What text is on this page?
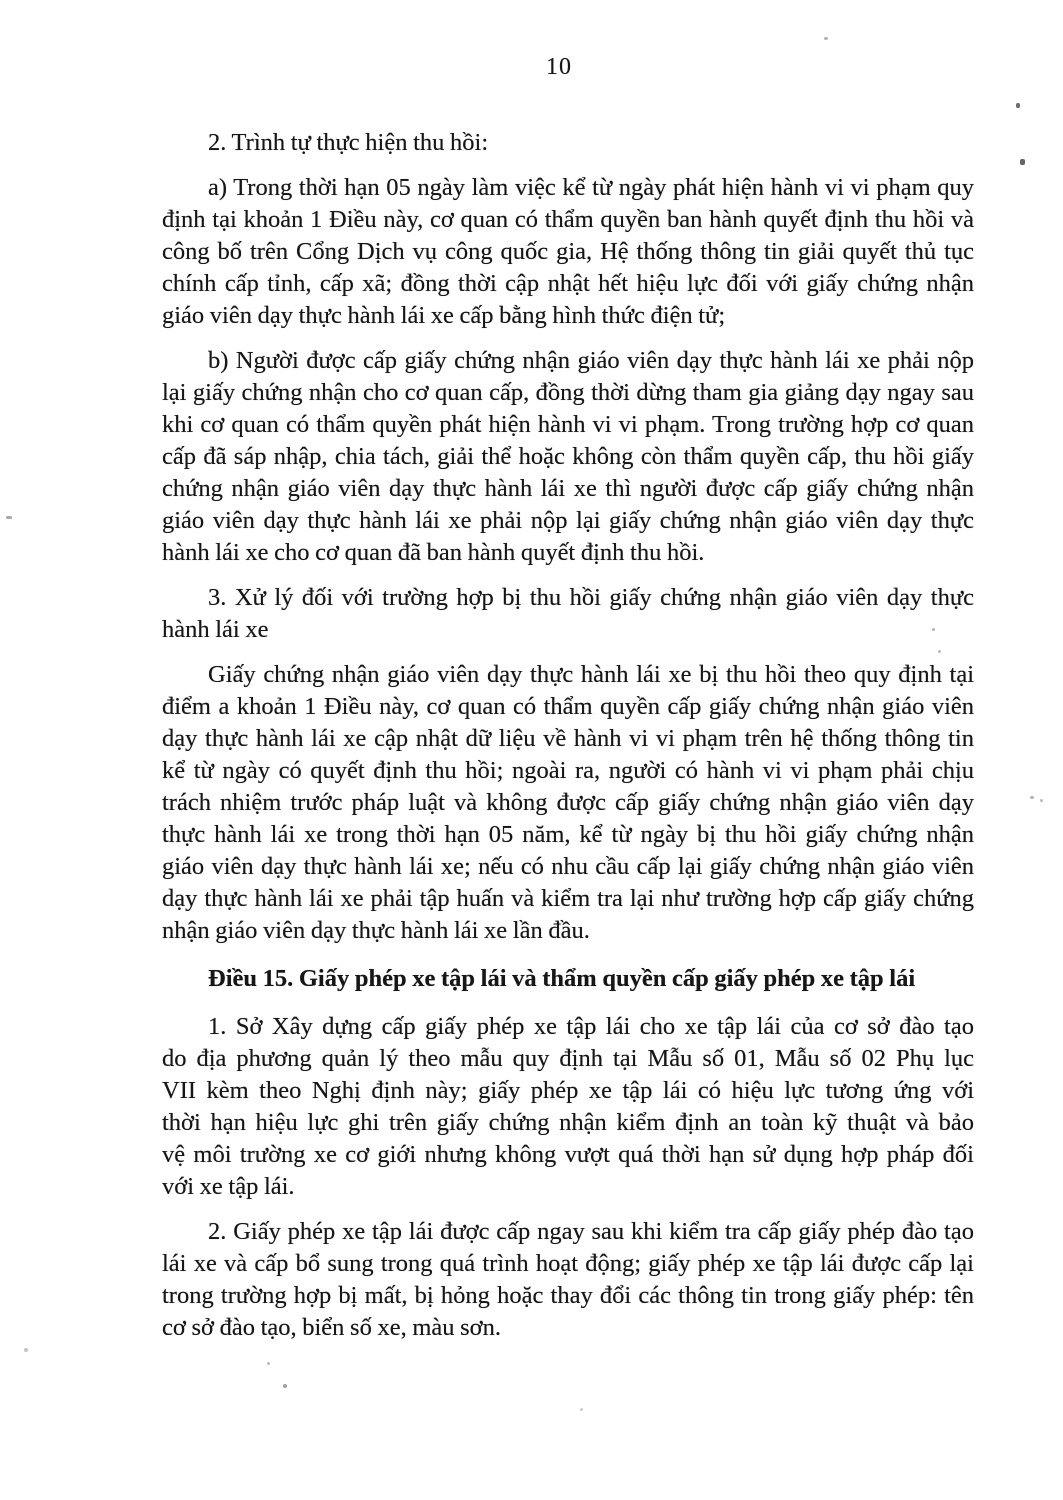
10
2. Trình tự thực hiện thu hồi:
a) Trong thời hạn 05 ngày làm việc kể từ ngày phát hiện hành vi vi phạm quy
định tại khoản 1 Điều này, cơ quan có thẩm quyền ban hành quyết định thu hồi và
công bố trên Cổng Dịch vụ công quốc gia, Hệ thống thông tin giải quyết thủ tục
chính cấp tỉnh, cấp xã; đồng thời cập nhật hết hiệu lực đối với giấy chứng nhận
giáo viên dạy thực hành lái xe cấp bằng hình thức điện tử;
b) Người được cấp giấy chứng nhận giáo viên dạy thực hành lái xe phải nộp
lại giấy chứng nhận cho cơ quan cấp, đồng thời dừng tham gia giảng dạy ngay sau
khi cơ quan có thẩm quyền phát hiện hành vi vi phạm. Trong trường hợp cơ quan
cấp đã sáp nhập, chia tách, giải thể hoặc không còn thẩm quyền cấp, thu hồi giấy
chứng nhận giáo viên dạy thực hành lái xe thì người được cấp giấy chứng nhận
giáo viên dạy thực hành lái xe phải nộp lại giấy chứng nhận giáo viên dạy thực
hành lái xe cho cơ quan đã ban hành quyết định thu hồi.
3. Xử lý đối với trường hợp bị thu hồi giấy chứng nhận giáo viên dạy thực
hành lái xe
Giấy chứng nhận giáo viên dạy thực hành lái xe bị thu hồi theo quy định tại
điểm a khoản 1 Điều này, cơ quan có thẩm quyền cấp giấy chứng nhận giáo viên
dạy thực hành lái xe cập nhật dữ liệu về hành vi vi phạm trên hệ thống thông tin
kể từ ngày có quyết định thu hồi; ngoài ra, người có hành vi vi phạm phải chịu
trách nhiệm trước pháp luật và không được cấp giấy chứng nhận giáo viên dạy
thực hành lái xe trong thời hạn 05 năm, kể từ ngày bị thu hồi giấy chứng nhận
giáo viên dạy thực hành lái xe; nếu có nhu cầu cấp lại giấy chứng nhận giáo viên
dạy thực hành lái xe phải tập huấn và kiểm tra lại như trường hợp cấp giấy chứng
nhận giáo viên dạy thực hành lái xe lần đầu.
Điều 15. Giấy phép xe tập lái và thẩm quyền cấp giấy phép xe tập lái
1. Sở Xây dựng cấp giấy phép xe tập lái cho xe tập lái của cơ sở đào tạo
do địa phương quản lý theo mẫu quy định tại Mẫu số 01, Mẫu số 02 Phụ lục
VII kèm theo Nghị định này; giấy phép xe tập lái có hiệu lực tương ứng với
thời hạn hiệu lực ghi trên giấy chứng nhận kiểm định an toàn kỹ thuật và bảo
vệ môi trường xe cơ giới nhưng không vượt quá thời hạn sử dụng hợp pháp đối
với xe tập lái.
2. Giấy phép xe tập lái được cấp ngay sau khi kiểm tra cấp giấy phép đào tạo
lái xe và cấp bổ sung trong quá trình hoạt động; giấy phép xe tập lái được cấp lại
trong trường hợp bị mất, bị hỏng hoặc thay đổi các thông tin trong giấy phép: tên
cơ sở đào tạo, biển số xe, màu sơn.
